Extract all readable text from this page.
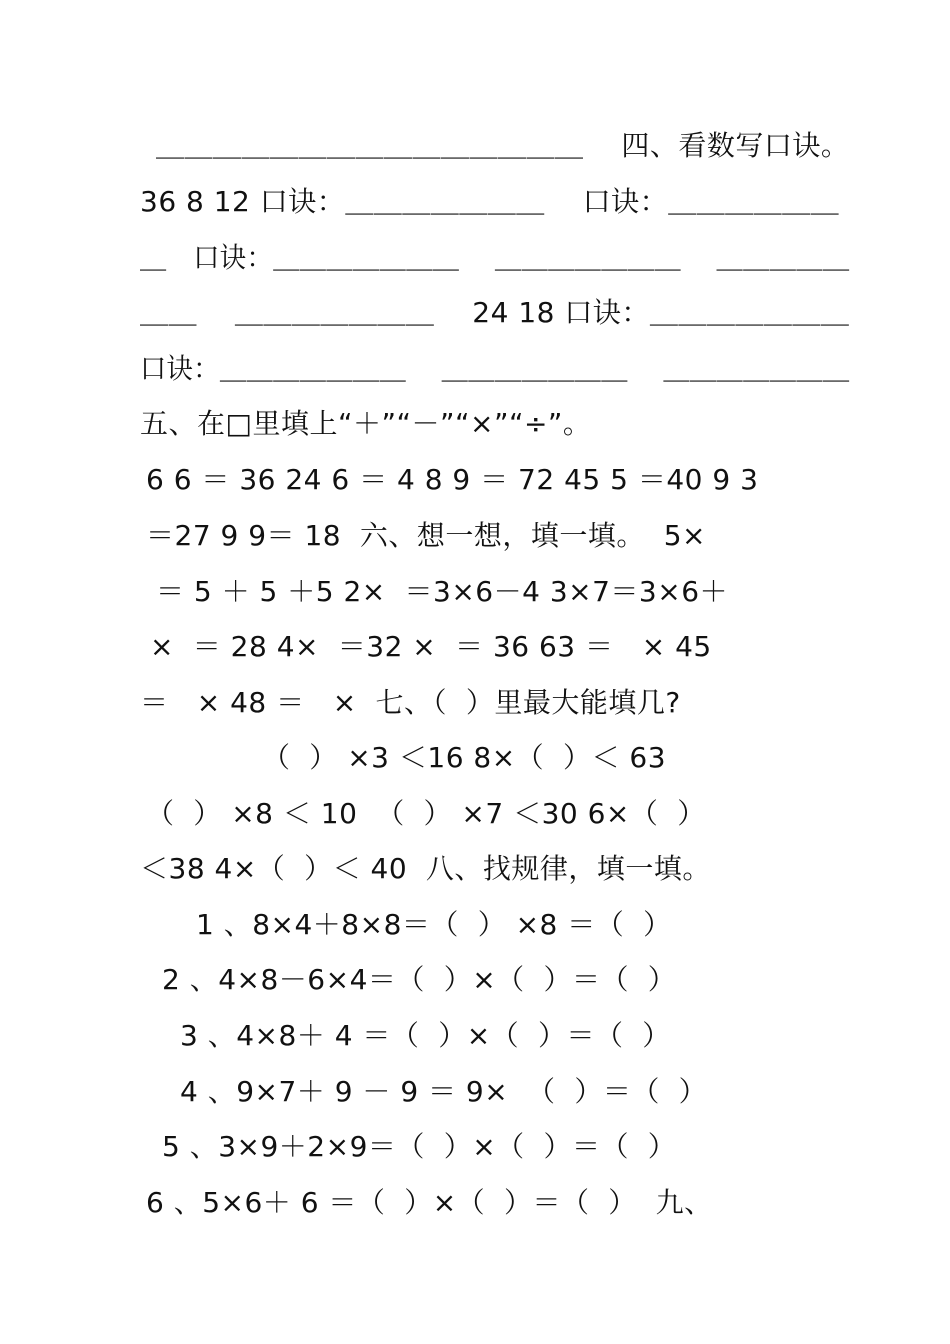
＿＿＿＿＿＿＿＿＿＿＿＿＿＿＿　 四、看数写口诀。
36 8 12 口诀：＿＿＿＿＿＿＿　 口诀：＿＿＿＿＿＿
＿　口诀：＿＿＿＿＿＿＿　 ＿＿＿＿＿＿＿　 ＿＿＿＿＿
＿＿　 ＿＿＿＿＿＿＿　 24 18 口诀：＿＿＿＿＿＿＿
口诀：＿＿＿＿＿＿＿　 ＿＿＿＿＿＿＿　 ＿＿＿＿＿＿＿
五、在□里填上“＋”“－”“×”“÷”。
6 6 ＝ 36 24 6 ＝ 4 8 9 ＝ 72 45 5 ＝40 9 3
＝27 9 9＝ 18  六、想一想，填一填。  5×
＝ 5 ＋ 5 ＋5 2×  ＝3×6－4 3×7＝3×6＋
×  ＝ 28 4×  ＝32 ×  ＝ 36 63 ＝   × 45
＝   × 48 ＝   ×  七、（  ）里最大能填几?
（  ） ×3 ＜16 8×（  ）＜ 63
（  ） ×8 ＜ 10  （  ） ×7 ＜30 6×（  ）
＜38 4×（  ）＜ 40  八、找规律，填一填。
1 、8×4＋8×8＝（  ） ×8 ＝（  ）
2 、4×8－6×4＝（  ）×（  ）＝（  ）
3 、4×8＋ 4 ＝（  ）×（  ）＝（  ）
4 、9×7＋ 9 － 9 ＝ 9×  （  ）＝（  ）
5 、3×9＋2×9＝（  ）×（  ）＝（  ）
6 、5×6＋ 6 ＝（  ）×（  ）＝（  ）  九、
